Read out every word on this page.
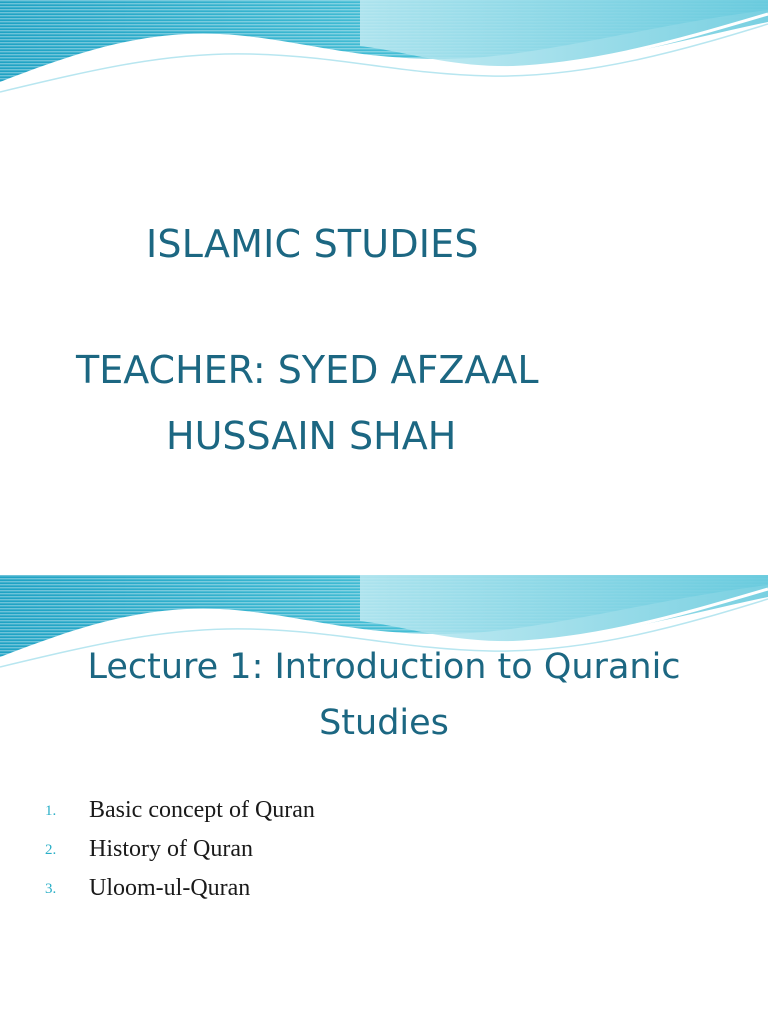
ISLAMIC STUDIES
TEACHER: SYED AFZAAL
HUSSAIN SHAH
Lecture 1: Introduction to Quranic
Studies
1. Basic concept of Quran
2. History of Quran
3. Uloom-ul-Quran
